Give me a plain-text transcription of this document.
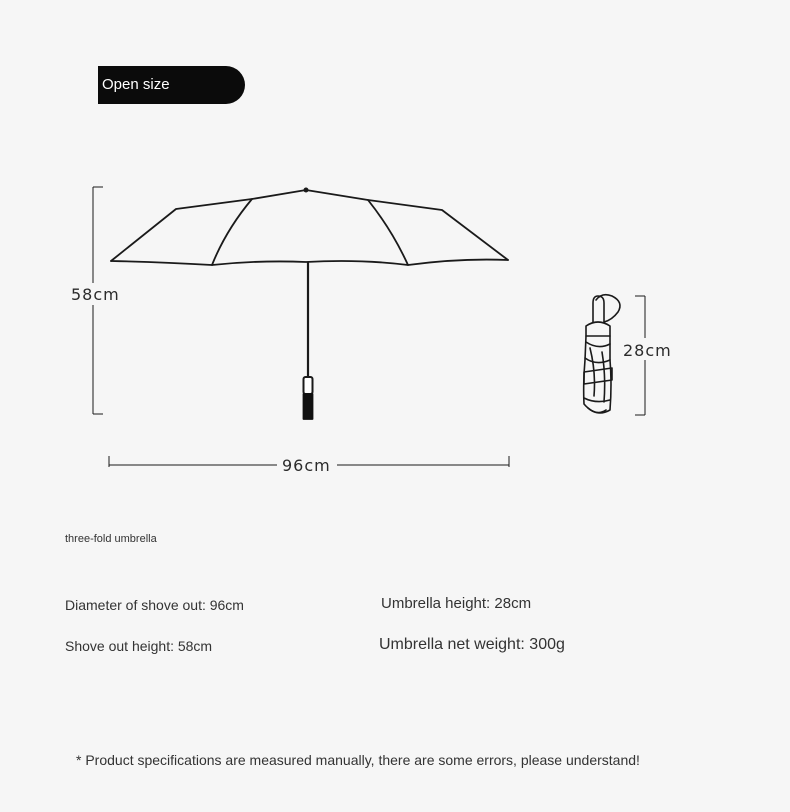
Open size
58cm
96cm
28cm
three-fold umbrella
Diameter of shove out: 96cm
Shove out height: 58cm
Umbrella height: 28cm
Umbrella net weight: 300g
* Product specifications are measured manually, there are some errors, please understand!
